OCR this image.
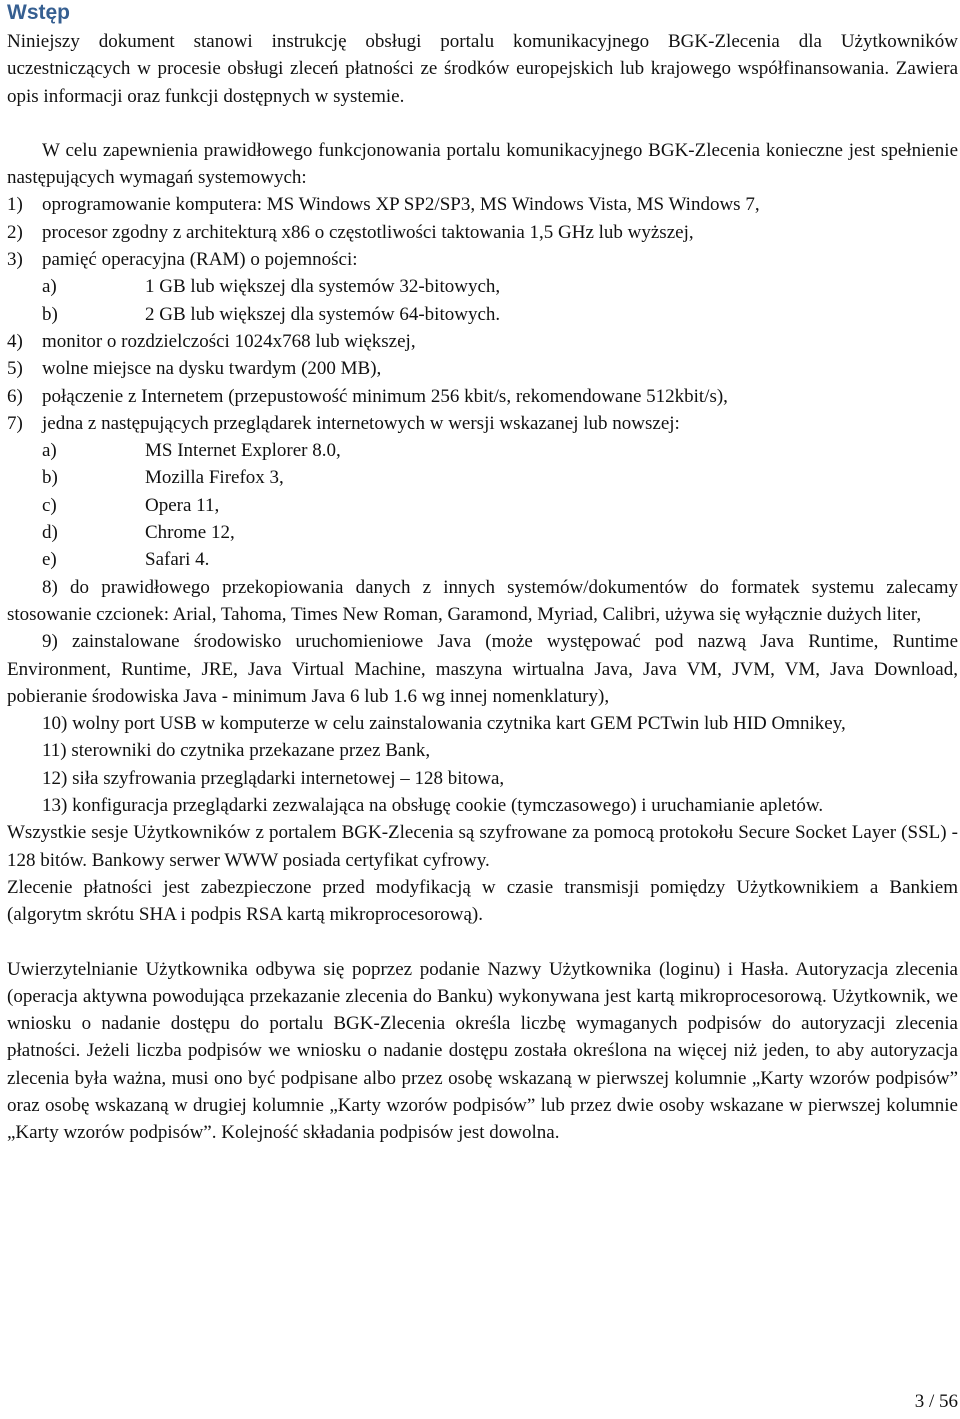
Wstęp

Niniejszy dokument stanowi instrukcję obsługi portalu komunikacyjnego BGK-Zlecenia dla Użytkowników uczestniczących w procesie obsługi zleceń płatności ze środków europejskich lub krajowego współfinansowania. Zawiera opis informacji oraz funkcji dostępnych w systemie.

W celu zapewnienia prawidłowego funkcjonowania portalu komunikacyjnego BGK-Zlecenia konieczne jest spełnienie następujących wymagań systemowych:

1)	oprogramowanie komputera: MS Windows XP SP2/SP3, MS Windows Vista, MS Windows 7,
2)	procesor zgodny z architekturą x86 o częstotliwości taktowania 1,5 GHz lub wyższej,
3)	pamięć operacyjna (RAM) o pojemności:
a)	1 GB lub większej dla systemów 32-bitowych,
b)	2 GB lub większej dla systemów 64-bitowych.
4)	monitor o rozdzielczości 1024x768 lub większej,
5)	wolne miejsce na dysku twardym (200 MB),
6)	połączenie z Internetem (przepustowość minimum 256 kbit/s, rekomendowane 512kbit/s),
7)	jedna z następujących przeglądarek internetowych w wersji wskazanej lub nowszej:
a)	MS Internet Explorer 8.0,
b)	Mozilla Firefox 3,
c)	Opera 11,
d)	Chrome 12,
e)	Safari 4.

8) do prawidłowego przekopiowania danych z innych systemów/dokumentów do formatek systemu zalecamy stosowanie czcionek: Arial, Tahoma, Times New Roman, Garamond, Myriad, Calibri, używa się wyłącznie dużych liter,

9) zainstalowane środowisko uruchomieniowe Java (może występować pod nazwą Java Runtime, Runtime Environment, Runtime, JRE, Java Virtual Machine, maszyna wirtualna Java, Java VM, JVM, VM, Java Download, pobieranie środowiska Java - minimum Java 6 lub 1.6 wg innej nomenklatury),

10) wolny port USB w komputerze w celu zainstalowania czytnika kart GEM PCTwin lub HID Omnikey,

11) sterowniki do czytnika przekazane przez Bank,

12) siła szyfrowania przeglądarki internetowej – 128 bitowa,

13) konfiguracja przeglądarki zezwalająca na obsługę cookie (tymczasowego) i uruchamianie apletów.

Wszystkie sesje Użytkowników z portalem BGK-Zlecenia są szyfrowane za pomocą protokołu Secure Socket Layer (SSL) - 128 bitów. Bankowy serwer WWW posiada certyfikat cyfrowy.

Zlecenie płatności jest zabezpieczone przed modyfikacją w czasie transmisji pomiędzy Użytkownikiem a Bankiem (algorytm skrótu SHA i podpis RSA kartą mikroprocesorową).

Uwierzytelnianie Użytkownika odbywa się poprzez podanie Nazwy Użytkownika (loginu) i Hasła. Autoryzacja zlecenia (operacja aktywna powodująca przekazanie zlecenia do Banku) wykonywana jest kartą mikroprocesorową. Użytkownik, we wniosku o nadanie dostępu do portalu BGK-Zlecenia określa liczbę wymaganych podpisów do autoryzacji zlecenia płatności. Jeżeli liczba podpisów we wniosku o nadanie dostępu została określona na więcej niż jeden, to aby autoryzacja zlecenia była ważna, musi ono być podpisane albo przez osobę wskazaną w pierwszej kolumnie „Karty wzorów podpisów” oraz osobę wskazaną w drugiej kolumnie „Karty wzorów podpisów” lub przez dwie osoby wskazane w pierwszej kolumnie „Karty wzorów podpisów”. Kolejność składania podpisów jest dowolna.

3 / 56
